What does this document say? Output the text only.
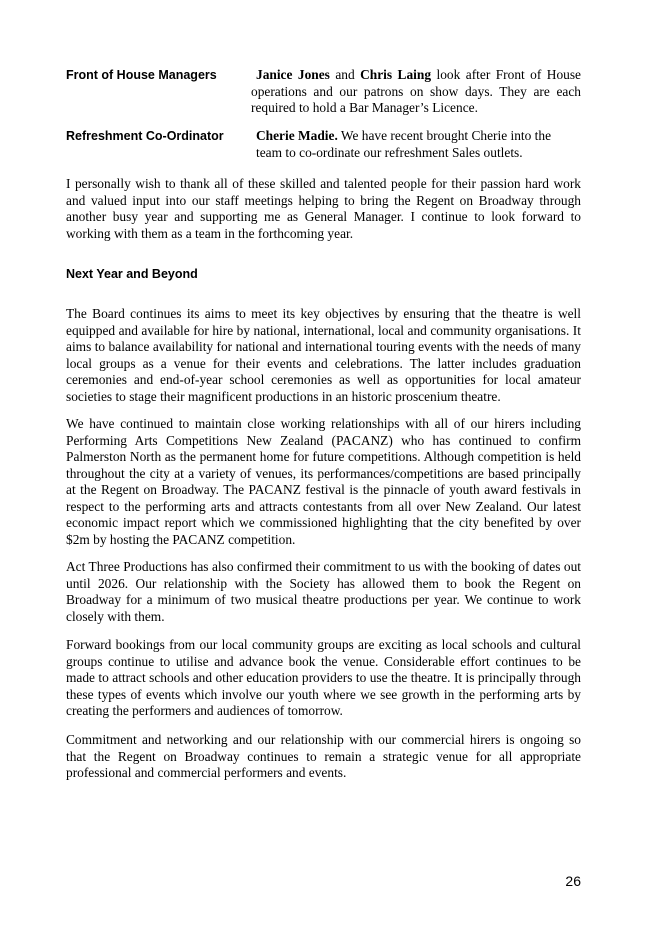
Front of House Managers	Janice Jones and Chris Laing look after Front of House operations and our patrons on show days. They are each required to hold a Bar Manager’s Licence.
Refreshment Co-Ordinator Cherie Madie. We have recent brought Cherie into the team to co-ordinate our refreshment Sales outlets.

I personally wish to thank all of these skilled and talented people for their passion hard work and valued input into our staff meetings helping to bring the Regent on Broadway through another busy year and supporting me as General Manager. I continue to look forward to working with them as a team in the forthcoming year.

Next Year and Beyond

The Board continues its aims to meet its key objectives by ensuring that the theatre is well equipped and available for hire by national, international, local and community organisations. It aims to balance availability for national and international touring events with the needs of many local groups as a venue for their events and celebrations. The latter includes graduation ceremonies and end-of-year school ceremonies as well as opportunities for local amateur societies to stage their magnificent productions in an historic proscenium theatre.

We have continued to maintain close working relationships with all of our hirers including Performing Arts Competitions New Zealand (PACANZ) who has continued to confirm Palmerston North as the permanent home for future competitions. Although competition is held throughout the city at a variety of venues, its performances/competitions are based principally at the Regent on Broadway. The PACANZ festival is the pinnacle of youth award festivals in respect to the performing arts and attracts contestants from all over New Zealand. Our latest economic impact report which we commissioned highlighting that the city benefited by over $2m by hosting the PACANZ competition.

Act Three Productions has also confirmed their commitment to us with the booking of dates out until 2026. Our relationship with the Society has allowed them to book the Regent on Broadway for a minimum of two musical theatre productions per year. We continue to work closely with them.

Forward bookings from our local community groups are exciting as local schools and cultural groups continue to utilise and advance book the venue. Considerable effort continues to be made to attract schools and other education providers to use the theatre. It is principally through these types of events which involve our youth where we see growth in the performing arts by creating the performers and audiences of tomorrow.

Commitment and networking and our relationship with our commercial hirers is ongoing so that the Regent on Broadway continues to remain a strategic venue for all appropriate professional and commercial performers and events.

26
